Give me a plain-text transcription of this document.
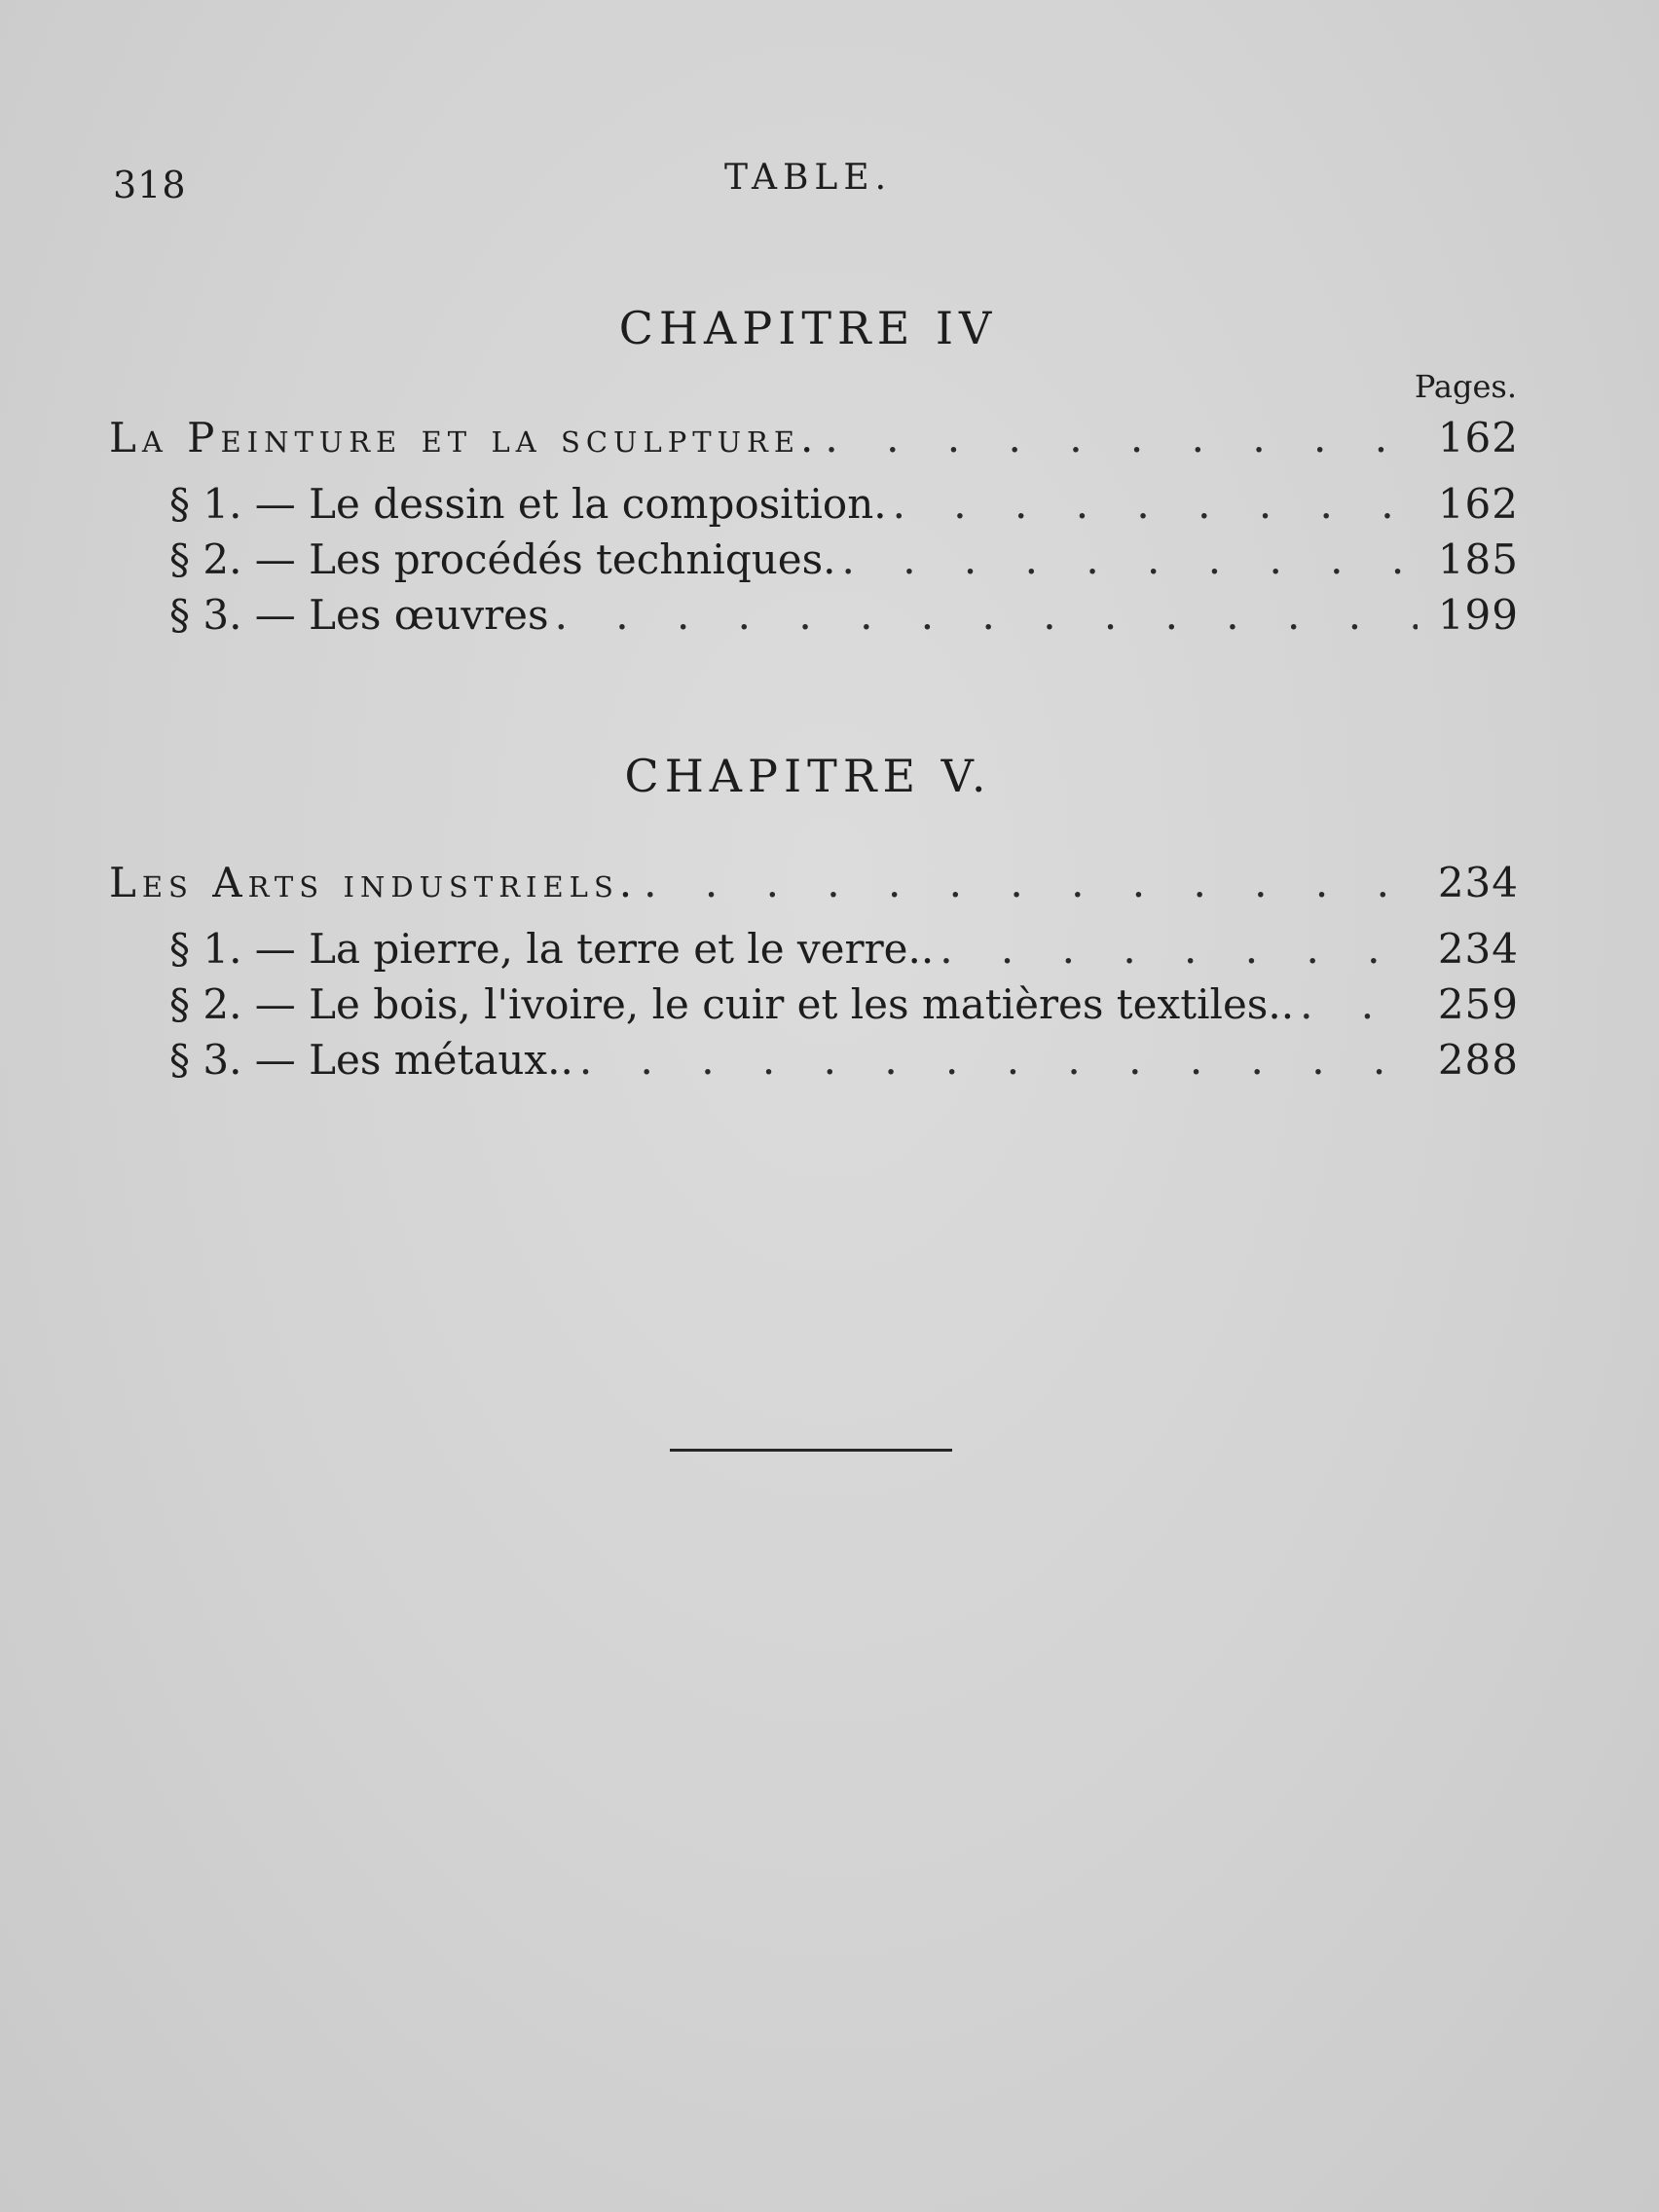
318	TABLE.
CHAPITRE IV
Pages.
La Peinture et la sculpture. . . .	162
§ 1. — Le dessin et la composition. . . .	162
§ 2. — Les procédés techniques. . . .	185
§ 3. — Les œuvres . . .	199
CHAPITRE V.
Les Arts industriels. . . .	234
§ 1. — La pierre, la terre et le verre.. . . .	234
§ 2. — Le bois, l'ivoire, le cuir et les matières textiles.. . . .	259
§ 3. — Les métaux.. . . .	288
